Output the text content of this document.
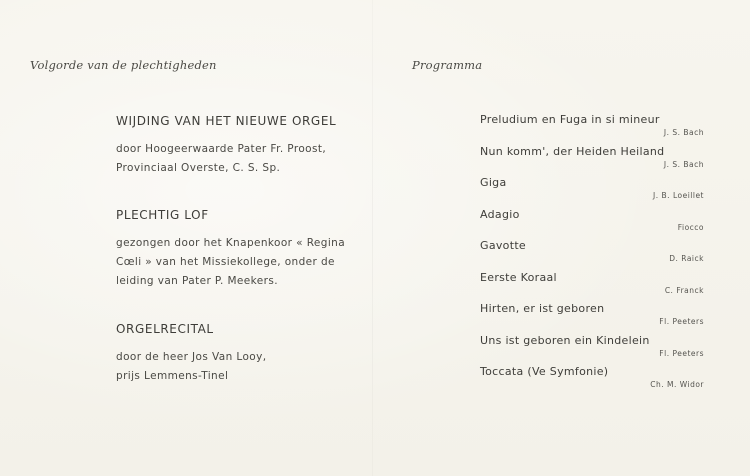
Volgorde van de plechtigheden	Programma
WIJDING VAN HET NIEUWE ORGEL
door Hoogeerwaarde Pater Fr. Proost,
Provinciaal Overste, C. S. Sp.
PLECHTIG LOF
gezongen door het Knapenkoor « Regina
Cœli » van het Missiekollege, onder de
leiding van Pater P. Meekers.
ORGELRECITAL
door de heer Jos Van Looy,
prijs Lemmens-Tinel
Preludium en Fuga in si mineur
J. S. Bach
Nun komm', der Heiden Heiland
J. S. Bach
Giga
J. B. Loeillet
Adagio
Fiocco
Gavotte
D. Raick
Eerste Koraal
C. Franck
Hirten, er ist geboren
Fl. Peeters
Uns ist geboren ein Kindelein
Fl. Peeters
Toccata (Ve Symfonie)
Ch. M. Widor
